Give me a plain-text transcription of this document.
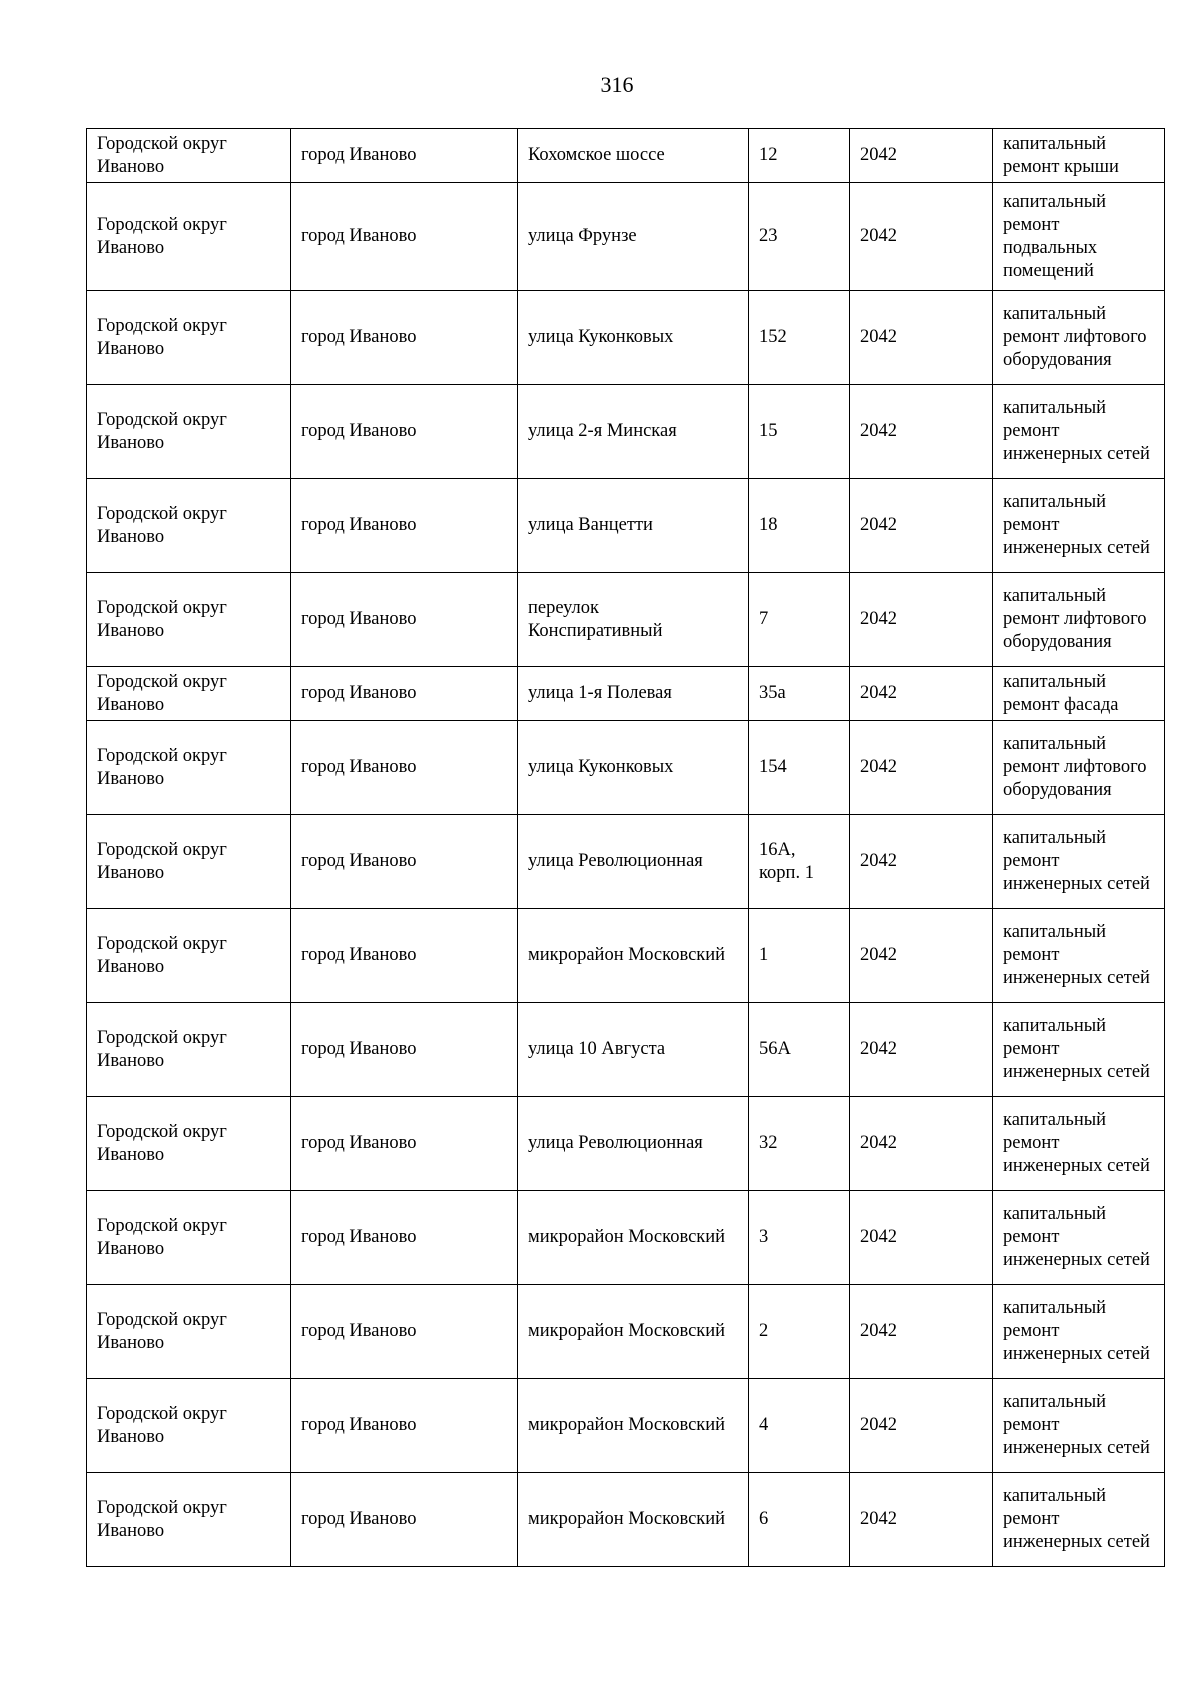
316
Городской округ Иваново	город Иваново	Кохомское шоссе	12	2042	капитальный ремонт крыши
Городской округ Иваново	город Иваново	улица Фрунзе	23	2042	капитальный ремонт подвальных помещений
Городской округ Иваново	город Иваново	улица Куконковых	152	2042	капитальный ремонт лифтового оборудования
Городской округ Иваново	город Иваново	улица 2-я Минская	15	2042	капитальный ремонт инженерных сетей
Городской округ Иваново	город Иваново	улица Ванцетти	18	2042	капитальный ремонт инженерных сетей
Городской округ Иваново	город Иваново	переулок Конспиративный	7	2042	капитальный ремонт лифтового оборудования
Городской округ Иваново	город Иваново	улица 1-я Полевая	35а	2042	капитальный ремонт фасада
Городской округ Иваново	город Иваново	улица Куконковых	154	2042	капитальный ремонт лифтового оборудования
Городской округ Иваново	город Иваново	улица Революционная	16А, корп. 1	2042	капитальный ремонт инженерных сетей
Городской округ Иваново	город Иваново	микрорайон Московский	1	2042	капитальный ремонт инженерных сетей
Городской округ Иваново	город Иваново	улица 10 Августа	56А	2042	капитальный ремонт инженерных сетей
Городской округ Иваново	город Иваново	улица Революционная	32	2042	капитальный ремонт инженерных сетей
Городской округ Иваново	город Иваново	микрорайон Московский	3	2042	капитальный ремонт инженерных сетей
Городской округ Иваново	город Иваново	микрорайон Московский	2	2042	капитальный ремонт инженерных сетей
Городской округ Иваново	город Иваново	микрорайон Московский	4	2042	капитальный ремонт инженерных сетей
Городской округ Иваново	город Иваново	микрорайон Московский	6	2042	капитальный ремонт инженерных сетей
